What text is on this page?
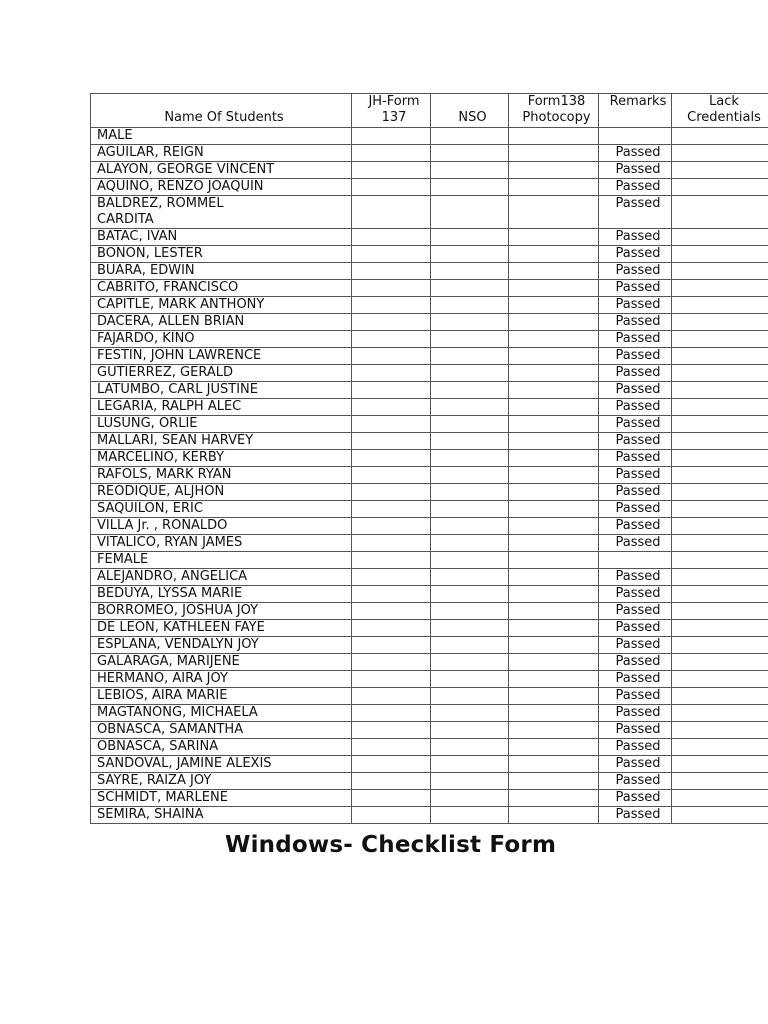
Name Of Students	JH-Form 137	NSO	Form138 Photocopy	Remarks	Lack Credentials
MALE					
AGUILAR, REIGN				Passed	
ALAYON, GEORGE VINCENT				Passed	
AQUINO, RENZO JOAQUIN				Passed	
BALDREZ, ROMMEL
CARDITA				Passed	
BATAC, IVAN				Passed	
BOÑON, LESTER				Passed	
BUARA, EDWIN				Passed	
CABRITO, FRANCISCO				Passed	
CAPITLE, MARK ANTHONY				Passed	
DACERA, ALLEN BRIAN				Passed	
FAJARDO, KINO				Passed	
FESTIN, JOHN LAWRENCE				Passed	
GUTIERREZ, GERALD				Passed	
LATUMBO, CARL JUSTINE				Passed	
LEGARIA, RALPH ALEC				Passed	
LUSUNG, ORLIE				Passed	
MALLARI, SEAN HARVEY				Passed	
MARCELINO, KERBY				Passed	
RAFOLS, MARK RYAN				Passed	
REODIQUE, ALJHON				Passed	
SAQUILON, ERIC				Passed	
VILLA Jr. , RONALDO				Passed	
VITALICO, RYAN JAMES				Passed	
FEMALE					
ALEJANDRO, ANGELICA				Passed	
BEDUYA, LYSSA MARIE				Passed	
BORROMEO, JOSHUA JOY				Passed	
DE LEON, KATHLEEN FAYE				Passed	
ESPLANA, VENDALYN JOY				Passed	
GALARAGA, MARIJENE				Passed	
HERMANO, AIRA JOY				Passed	
LEBIOS, AIRA MARIE				Passed	
MAGTANONG, MICHAELA				Passed	
OBNASCA, SAMANTHA				Passed	
OBNASCA, SARINA				Passed	
SANDOVAL, JAMINE ALEXIS				Passed	
SAYRE, RAIZA JOY				Passed	
SCHMIDT, MARLENE				Passed	
SEMIRA, SHAINA				Passed	
Windows- Checklist Form
